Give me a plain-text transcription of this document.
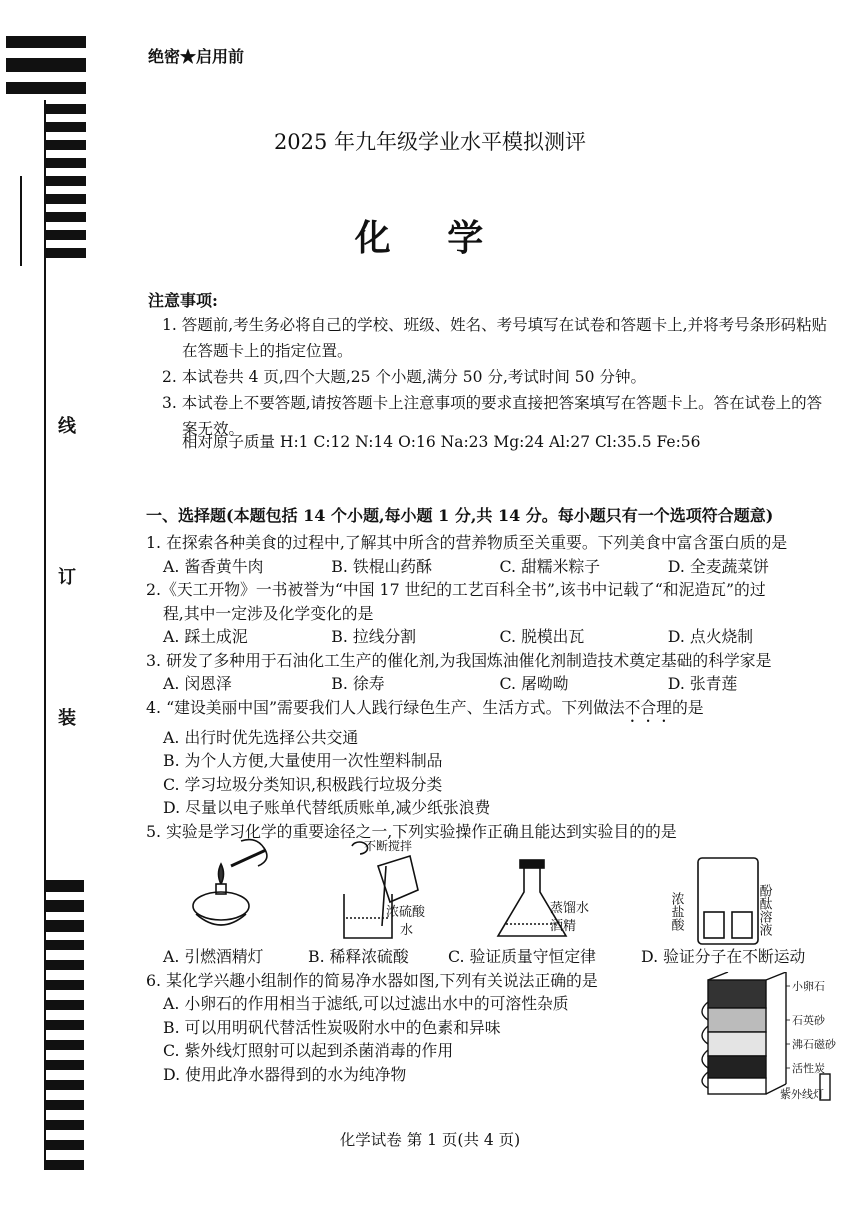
线
订
装
绝密★启用前
2025 年九年级学业水平模拟测评
化 学
注意事项:
1. 答题前,考生务必将自己的学校、班级、姓名、考号填写在试卷和答题卡上,并将考号条形码粘贴在答题卡上的指定位置。
2. 本试卷共 4 页,四个大题,25 个小题,满分 50 分,考试时间 50 分钟。
3. 本试卷上不要答题,请按答题卡上注意事项的要求直接把答案填写在答题卡上。答在试卷上的答案无效。
相对原子质量 H:1 C:12 N:14 O:16 Na:23 Mg:24 Al:27 Cl:35.5 Fe:56
一、选择题(本题包括 14 个小题,每小题 1 分,共 14 分。每小题只有一个选项符合题意)

1. 在探索各种美食的过程中,了解其中所含的营养物质至关重要。下列美食中富含蛋白质的是

A. 酱香黄牛肉	B. 铁棍山药酥	C. 甜糯米粽子	D. 全麦蔬菜饼

2.《天工开物》一书被誉为“中国 17 世纪的工艺百科全书”,该书中记载了“和泥造瓦”的过

程,其中一定涉及化学变化的是

A. 踩土成泥	B. 拉线分割	C. 脱模出瓦	D. 点火烧制

3. 研发了多种用于石油化工生产的催化剂,为我国炼油催化剂制造技术奠定基础的科学家是

A. 闵恩泽	B. 徐寿	C. 屠呦呦	D. 张青莲

4. “建设美丽中国”需要我们人人践行绿色生产、生活方式。下列做法不合理的是

A. 出行时优先选择公共交通

B. 为个人方便,大量使用一次性塑料制品

C. 学习垃圾分类知识,积极践行垃圾分类

D. 尽量以电子账单代替纸质账单,减少纸张浪费

5. 实验是学习化学的重要途径之一,下列实验操作正确且能达到实验目的的是

不断搅拌
浓硫酸
水
蒸馏水
酒精	浓盐酸	酚酞溶液

A. 引燃酒精灯	B. 稀释浓硫酸	C. 验证质量守恒定律	D. 验证分子在不断运动

6. 某化学兴趣小组制作的简易净水器如图,下列有关说法正确的是

A. 小卵石的作用相当于滤纸,可以过滤出水中的可溶性杂质

B. 可以用明矾代替活性炭吸附水中的色素和异味

C. 紫外线灯照射可以起到杀菌消毒的作用

D. 使用此净水器得到的水为纯净物

小卵石
石英砂
沸石磁砂
活性炭
紫外线灯
化学试卷 第 1 页(共 4 页)
